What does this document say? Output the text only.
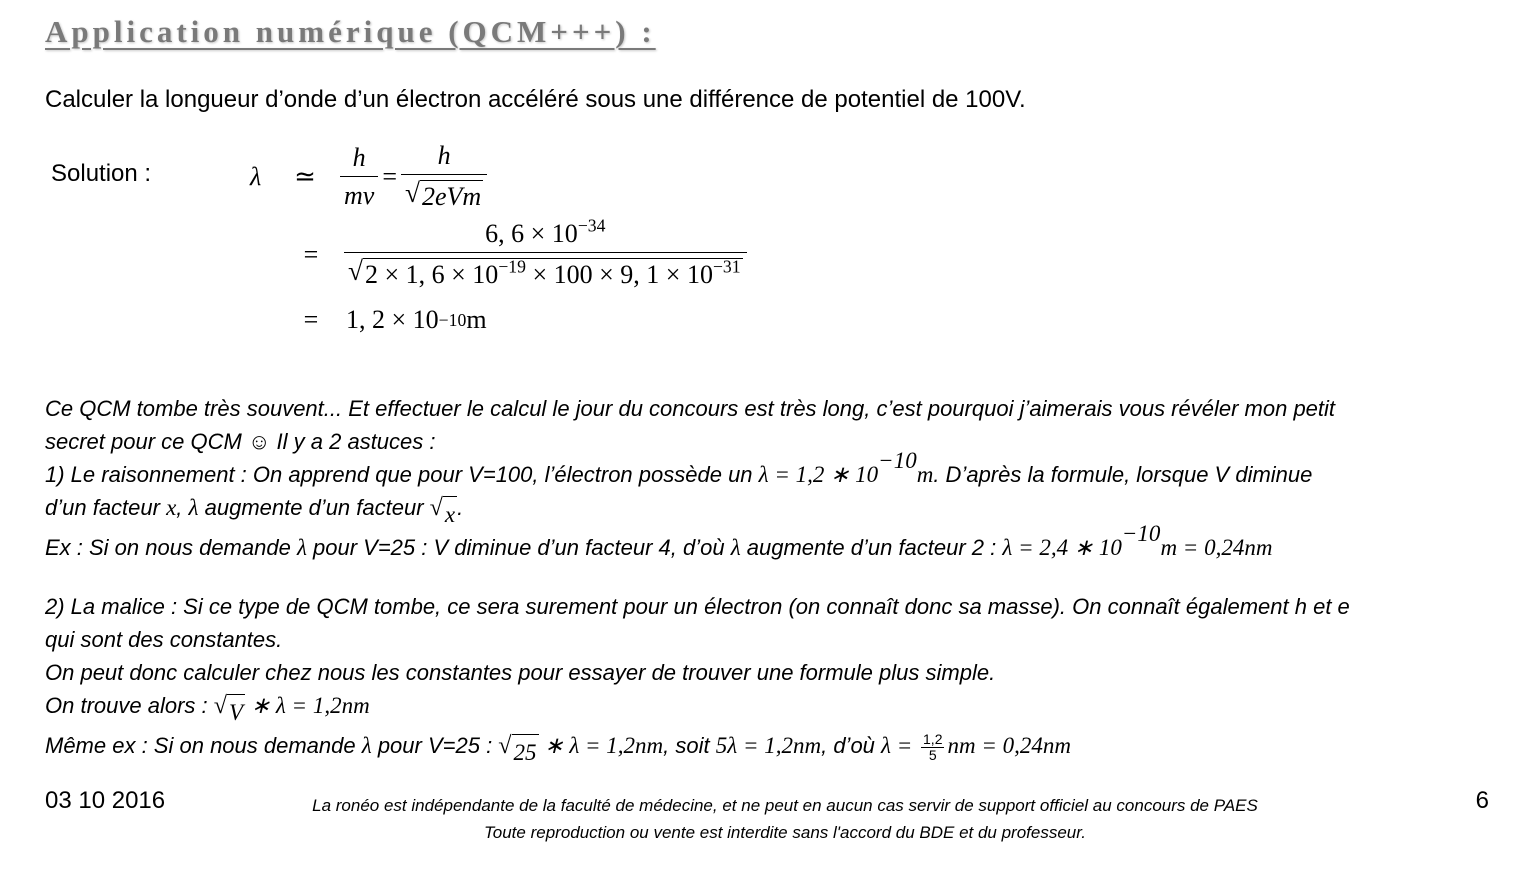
Application numérique (QCM+++) :

Calculer la longueur d’onde d’un électron accéléré sous une différence de potentiel de 100V.

Solution :	λ	≃ $\frac{h}{mv} = \frac{h}{\text{√ 2eVm}}$
= $\frac{6, 6 \times 10^{-34}}{√ 2 \times 1, 6 \times 10^{-19} \times 100 \times 9, 1 \times 10^{-31}}$
= 1, 2 × 10 −10 m
Ce QCM tombe très souvent... Et effectuer le calcul le jour du concours est très long, c’est pourquoi j’aimerais vous révéler mon petit
secret pour ce QCM ☺ Il y a 2 astuces :
1) Le raisonnement : On apprend que pour V=100, l’électron possède un λ = 1,2 ∗ $10^{-10}m$. D’après la formule, lorsque V diminue
d’un facteur x, λ augmente d’un facteur √ x .
Ex : Si on nous demande λ pour V=25 : V diminue d’un facteur 4, d’où λ augmente d’un facteur 2 : λ = 2,4 ∗ $10^{-10}m = 0,24nm$
2) La malice : Si ce type de QCM tombe, ce sera surement pour un électron (on connaît donc sa masse). On connaît également h et e
qui sont des constantes.
On peut donc calculer chez nous les constantes pour essayer de trouver une formule plus simple.
On trouve alors : √ V ∗ λ = 1,2nm
Même ex : Si on nous demande λ pour V=25 : √ 25 ∗ λ = 1,2nm, soit 5λ = 1,2nm, d’où $\lambda = \frac{1,2}{5}$ nm = 0,24nm
03 10 2016	La ronéo est indépendante de la faculté de médecine, et ne peut en aucun cas servir de support officiel au concours de PAES
Toute reproduction ou vente est interdite sans l'accord du BDE et du professeur.
6
